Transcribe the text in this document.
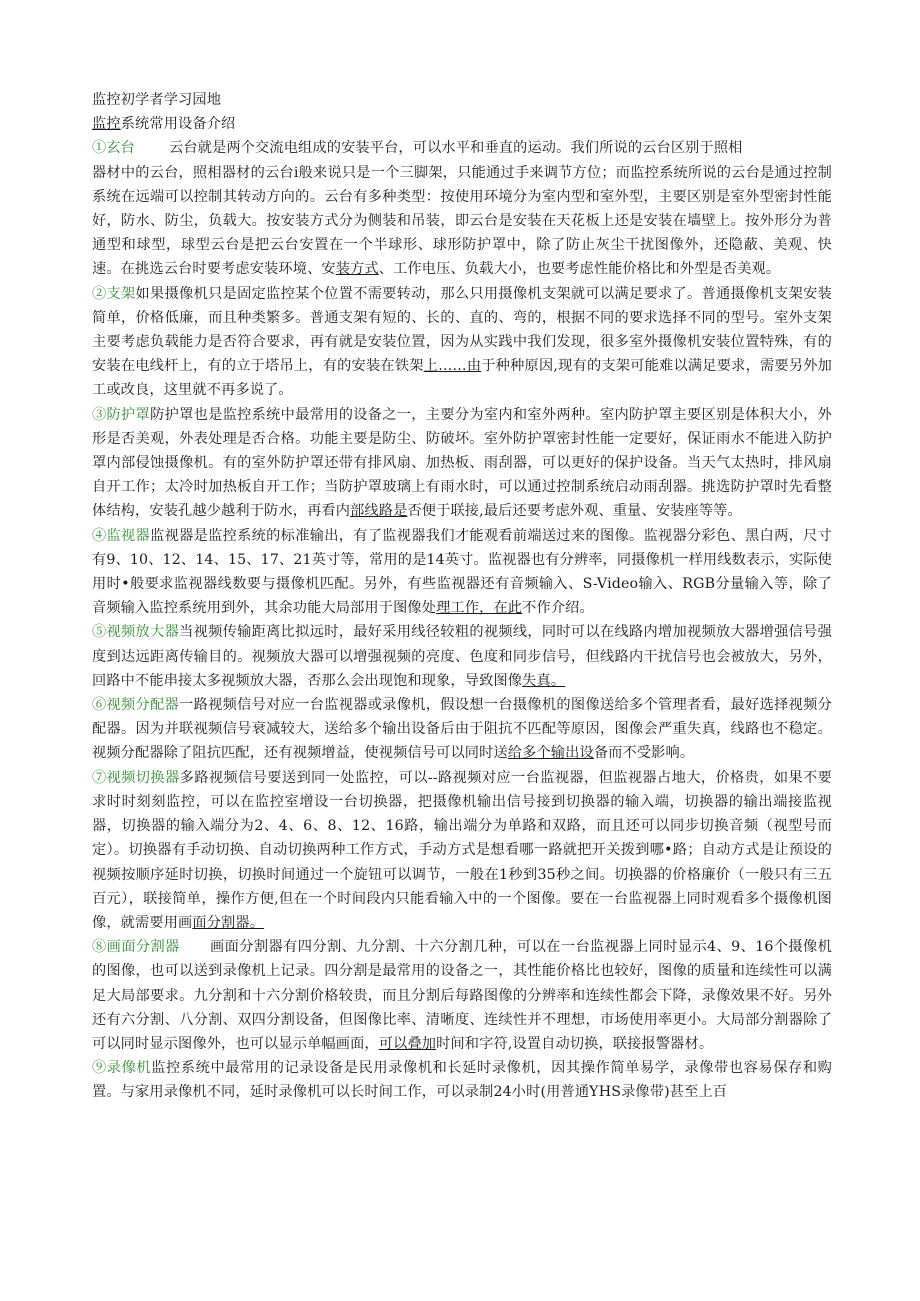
监控初学者学习园地

监控系统常用设备介绍

①玄台 云台就是两个交流电组成的安装平台，可以水平和垂直的运动。我们所说的云台区别于照相
器材中的云台，照相器材的云台i般来说只是一个三脚架，只能通过手来调节方位；而监控系统所说的云台是通过控制系统在远端可以控制其转动方向的。云台有多种类型：按使用环境分为室内型和室外型，主要区别是室外型密封性能好，防水、防尘，负载大。按安装方式分为侧装和吊装，即云台是安装在天花板上还是安装在墙壁上。按外形分为普通型和球型，球型云台是把云台安置在一个半球形、球形防护罩中，除了防止灰尘干扰图像外，还隐蔽、美观、快速。在挑选云台时要考虑安装环境、安装方式、工作电压、负载大小，也要考虑性能价格比和外型是否美观。

②支架如果摄像机只是固定监控某个位置不需要转动，那么只用摄像机支架就可以满足要求了。普通摄像机支架安装简单，价格低廉，而且种类繁多。普通支架有短的、长的、直的、弯的，根据不同的要求选择不同的型号。室外支架主要考虑负载能力是否符合要求，再有就是安装位置，因为从实践中我们发现，很多室外摄像机安装位置特殊，有的安装在电线杆上，有的立于塔吊上，有的安装在铁架上……由于种种原因,现有的支架可能难以满足要求，需要另外加工或改良，这里就不再多说了。

③防护罩防护罩也是监控系统中最常用的设备之一，主要分为室内和室外两种。室内防护罩主要区别是体积大小，外形是否美观，外表处理是否合格。功能主要是防尘、防破坏。室外防护罩密封性能一定要好，保证雨水不能进入防护罩内部侵蚀摄像机。有的室外防护罩还带有排风扇、加热板、雨刮器，可以更好的保护设备。当天气太热时，排风扇自开工作；太冷时加热板自开工作；当防护罩玻璃上有雨水时，可以通过控制系统启动雨刮器。挑选防护罩时先看整体结构，安装孔越少越利于防水，再看内部线路是否便于联接,最后还要考虑外观、重量、安装座等等。

④监视器监视器是监控系统的标准输出，有了监视器我们才能观看前端送过来的图像。监视器分彩色、黑白两，尺寸有9、10、12、14、15、17、21英寸等，常用的是14英寸。监视器也有分辨率，同摄像机一样用线数表示，实际使用时•般要求监视器线数要与摄像机匹配。另外，有些监视器还有音频输入、S-Video输入、RGB分量输入等，除了音频输入监控系统用到外，其余功能大局部用于图像处理工作，在此不作介绍。

⑤视频放大器当视频传输距离比拟远时，最好采用线径较粗的视频线，同时可以在线路内增加视频放大器增强信号强度到达远距离传输目的。视频放大器可以增强视频的亮度、色度和同步信号，但线路内干扰信号也会被放大，另外，回路中不能串接太多视频放大器，否那么会出现饱和现象，导致图像失真。

⑥视频分配器一路视频信号对应一台监视器或录像机，假设想一台摄像机的图像送给多个管理者看，最好选择视频分配器。因为并联视频信号衰减较大，送给多个输出设备后由于阻抗不匹配等原因，图像会严重失真，线路也不稳定。视频分配器除了阻抗匹配，还有视频增益，使视频信号可以同时送给多个输出设备而不受影响。

⑦视频切换器多路视频信号要送到同一处监控，可以--路视频对应一台监视器，但监视器占地大，价格贵，如果不要求时时刻刻监控，可以在监控室增设一台切换器，把摄像机输出信号接到切换器的输入端，切换器的输出端接监视器，切换器的输入端分为2、4、6、8、12、16路，输出端分为单路和双路，而且还可以同步切换音频（视型号而定）。切换器有手动切换、自动切换两种工作方式，手动方式是想看哪一路就把开关拨到哪•路；自动方式是让预设的视频按顺序延时切换，切换时间通过一个旋钮可以调节，一般在1秒到35秒之间。切换器的价格廉价（一般只有三五百元），联接简单，操作方便,但在一个时间段内只能看输入中的一个图像。要在一台监视器上同时观看多个摄像机图像，就需要用画面分割器。

⑧画面分割器 画面分割器有四分割、九分割、十六分割几种，可以在一台监视器上同时显示4、9、16个摄像机的图像，也可以送到录像机上记录。四分割是最常用的设备之一，其性能价格比也较好，图像的质量和连续性可以满足大局部要求。九分割和十六分割价格较贵，而且分割后每路图像的分辨率和连续性都会下降，录像效果不好。另外还有六分割、八分割、双四分割设备，但图像比率、清晰度、连续性并不理想，市场使用率更小。大局部分割器除了可以同时显示图像外，也可以显示单幅画面，可以叠加时间和字符,设置自动切换，联接报警器材。

⑨录像机监控系统中最常用的记录设备是民用录像机和长延时录像机，因其操作简单易学，录像带也容易保存和购置。与家用录像机不同，延时录像机可以长时间工作，可以录制24小时(用普通YHS录像带)甚至上百
